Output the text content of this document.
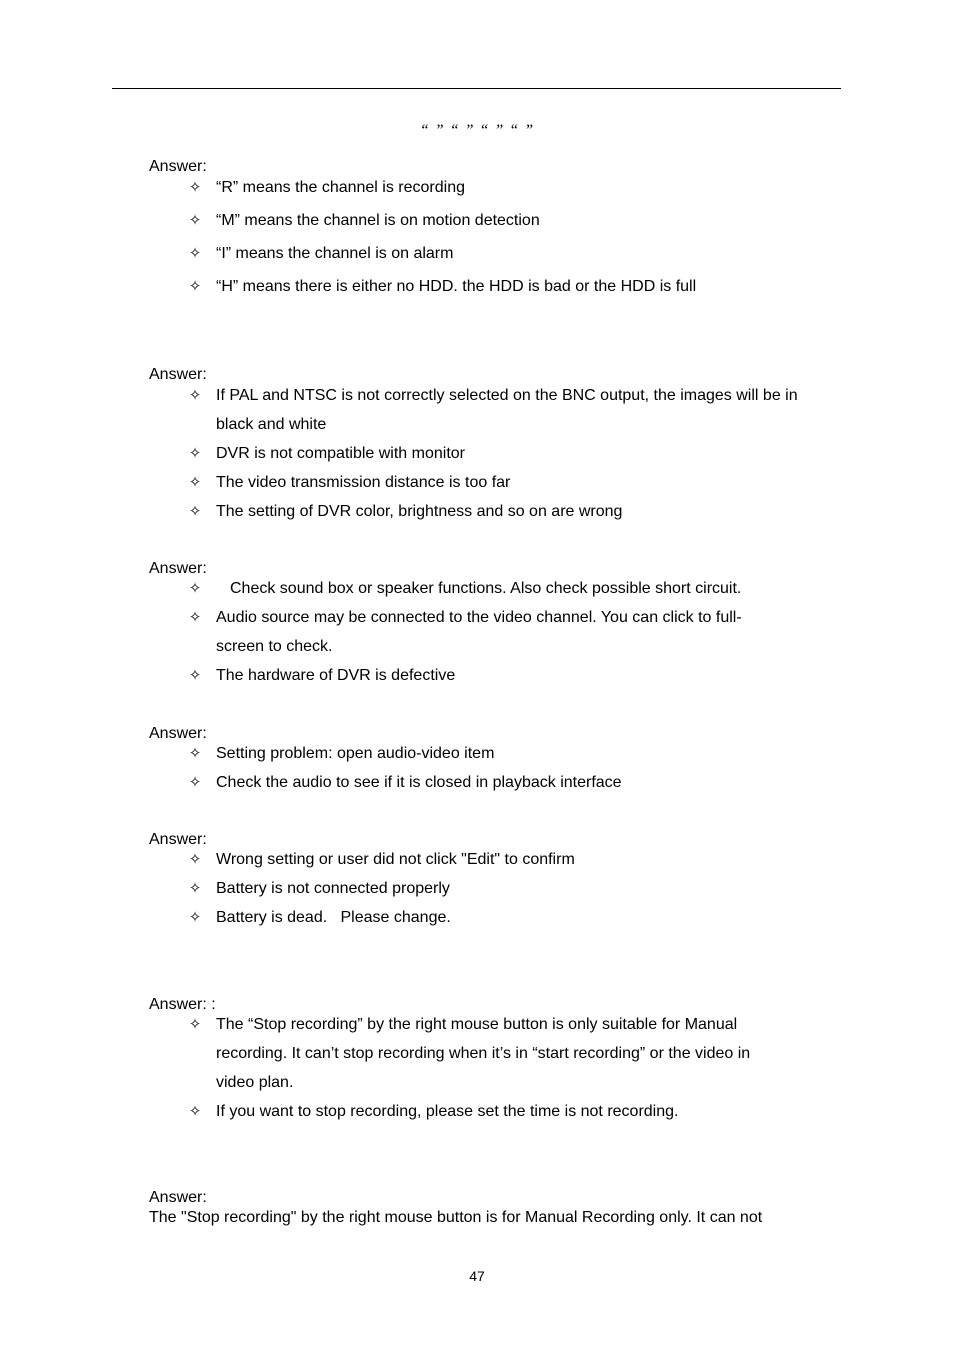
“ ” “ ” “ ” “ ”
Answer:
✧ “R” means the channel is recording
✧ “M” means the channel is on motion detection
✧ “I” means the channel is on alarm
✧ “H” means there is either no HDD. the HDD is bad or the HDD is full
Answer:
✧ If PAL and NTSC is not correctly selected on the BNC output, the images will be in black and white
✧ DVR is not compatible with monitor
✧ The video transmission distance is too far
✧ The setting of DVR color, brightness and so on are wrong
Answer:
✧	Check sound box or speaker functions. Also check possible short circuit.
✧ Audio source may be connected to the video channel. You can click to full-screen to check.
✧ The hardware of DVR is defective
Answer:
✧ Setting problem: open audio-video item
✧ Check the audio to see if it is closed in playback interface
Answer:
✧ Wrong setting or user did not click "Edit" to confirm
✧ Battery is not connected properly
✧ Battery is dead.   Please change.
Answer: :
✧ The “Stop recording” by the right mouse button is only suitable for Manual recording. It can’t stop recording when it’s in “start recording” or the video in video plan.
✧ If you want to stop recording, please set the time is not recording.
Answer:
The "Stop recording" by the right mouse button is for Manual Recording only. It can not
47
